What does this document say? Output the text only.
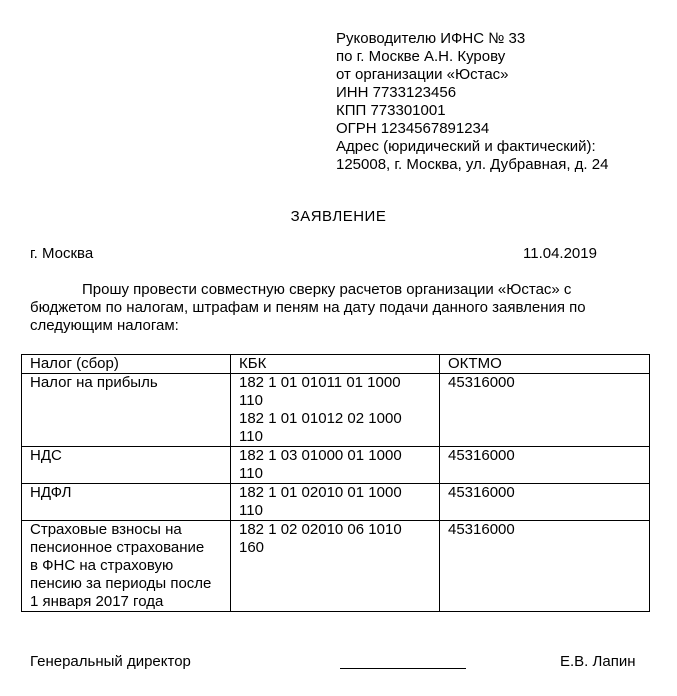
Руководителю ИФНС № 33
по г. Москве А.Н. Курову
от организации «Юстас»
ИНН 7733123456
КПП 773301001
ОГРН 1234567891234
Адрес (юридический и фактический):
125008, г. Москва, ул. Дубравная, д. 24
ЗАЯВЛЕНИЕ
г. Москва	11.04.2019
Прошу провести совместную сверку расчетов организации «Юстас» с
бюджетом по налогам, штрафам и пеням на дату подачи данного заявления по
следующим налогам:
Налог (сбор)	КБК	ОКТМО
Налог на прибыль	182 1 01 01011 01 1000
110
182 1 01 01012 02 1000
110	45316000
НДС	182 1 03 01000 01 1000
110	45316000
НДФЛ	182 1 01 02010 01 1000
110	45316000

Страховые взносы на
пенсионное страхование
в ФНС на страховую
пенсию за периоды после
1 января 2017 года	182 1 02 02010 06 1010
160	45316000
Генеральный директор	Е.В. Лапин
